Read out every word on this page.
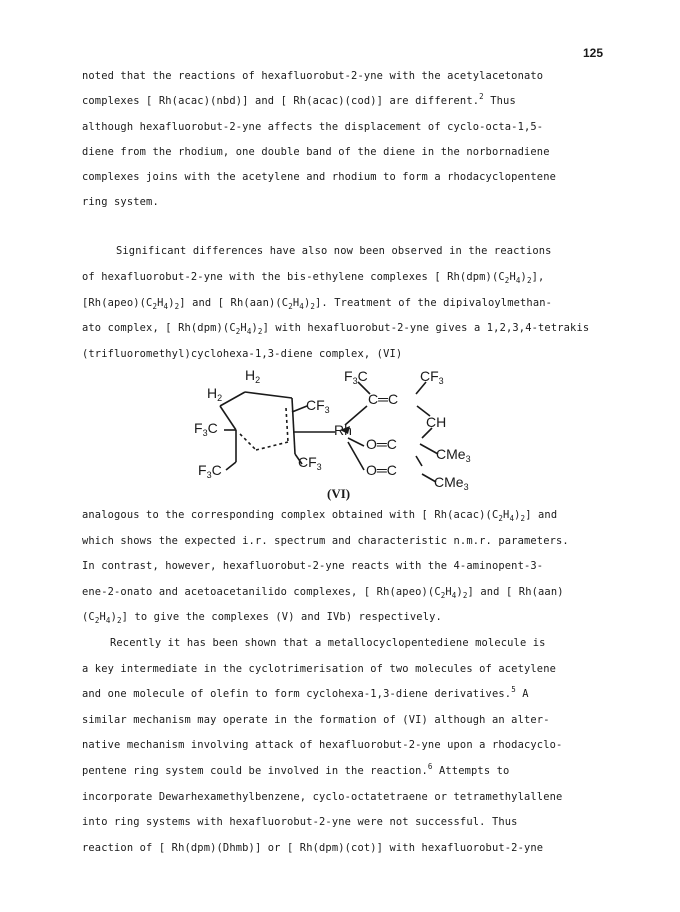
125
noted that the reactions of hexafluorobut-2-yne with the acetylacetonato
complexes [ Rh(acac)(nbd)] and [ Rh(acac)(cod)] are different.$^2$ Thus
although hexafluorobut-2-yne affects the displacement of cyclo-octa-1,5-
diene from the rhodium, one double band of the diene in the norbornadiene
complexes joins with the acetylene and rhodium to form a rhodacyclopentene
ring system.
Significant differences have also now been observed in the reactions
of hexafluorobut-2-yne with the bis-ethylene complexes [ $Rh(dpm)(C_2H_4)_2$],
$[Rh(apeo)(C_2H_4)_2]$ and [ $Rh(aan)(C_2H_4)_2$]. Treatment of the dipivaloylmethan-
ato complex, [ $Rh(dpm)(C_2H_4)_2$] with hexafluorobut-2-yne gives a 1,2,3,4-tetrakis
(trifluoromethyl)cyclohexa-1,3-diene complex, (VI)
$H_2$
$H_2$	$CF_3$
$F_3C$
$CF_3$
$F_3C$
Rh
$F_3C$	$CF_3$
C═C
CH
O═C
O═C
CMe$_3$
CMe$_3$
(VI)
analogous to the corresponding complex obtained with [ $Rh(acac)(C_2H_4)_2$] and
which shows the expected i.r. spectrum and characteristic n.m.r. parameters.
In contrast, however, hexafluorobut-2-yne reacts with the 4-aminopent-3-
ene-2-onato and acetoacetanilido complexes, [ $Rh(apeo)(C_2H_4)_2$] and [ Rh(aan)
$(C_2H_4)_2$] to give the complexes (V) and IVb) respectively.
Recently it has been shown that a metallocyclopentediene molecule is
a key intermediate in the cyclotrimerisation of two molecules of acetylene
and one molecule of olefin to form cyclohexa-1,3-diene derivatives.$^5$ A
similar mechanism may operate in the formation of (VI) although an alter-
native mechanism involving attack of hexafluorobut-2-yne upon a rhodacyclo-
pentene ring system could be involved in the reaction.$^6$ Attempts to
incorporate Dewarhexamethylbenzene, cyclo-octatetraene or tetramethylallene
into ring systems with hexafluorobut-2-yne were not successful. Thus
reaction of [ Rh(dpm)(Dhmb)] or [ Rh(dpm)(cot)] with hexafluorobut-2-yne
